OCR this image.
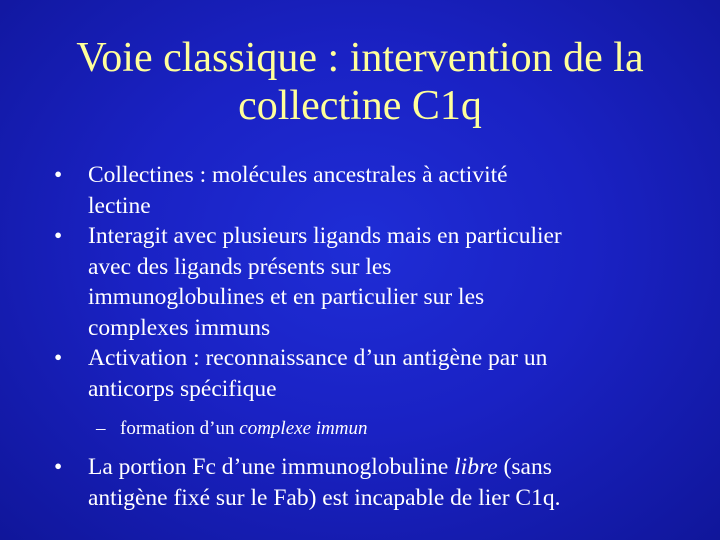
Voie classique : intervention de la
collectine C1q
•	Collectines : molécules ancestrales à activité
lectine
•	Interagit avec plusieurs ligands mais en particulier
avec des ligands présents sur les
immunoglobulines et en particulier sur les
complexes immuns
•	Activation : reconnaissance d’un antigène par un
anticorps spécifique
– formation d’un complexe immun
•	La portion Fc d’une immunoglobuline libre (sans
antigène fixé sur le Fab) est incapable de lier C1q.
